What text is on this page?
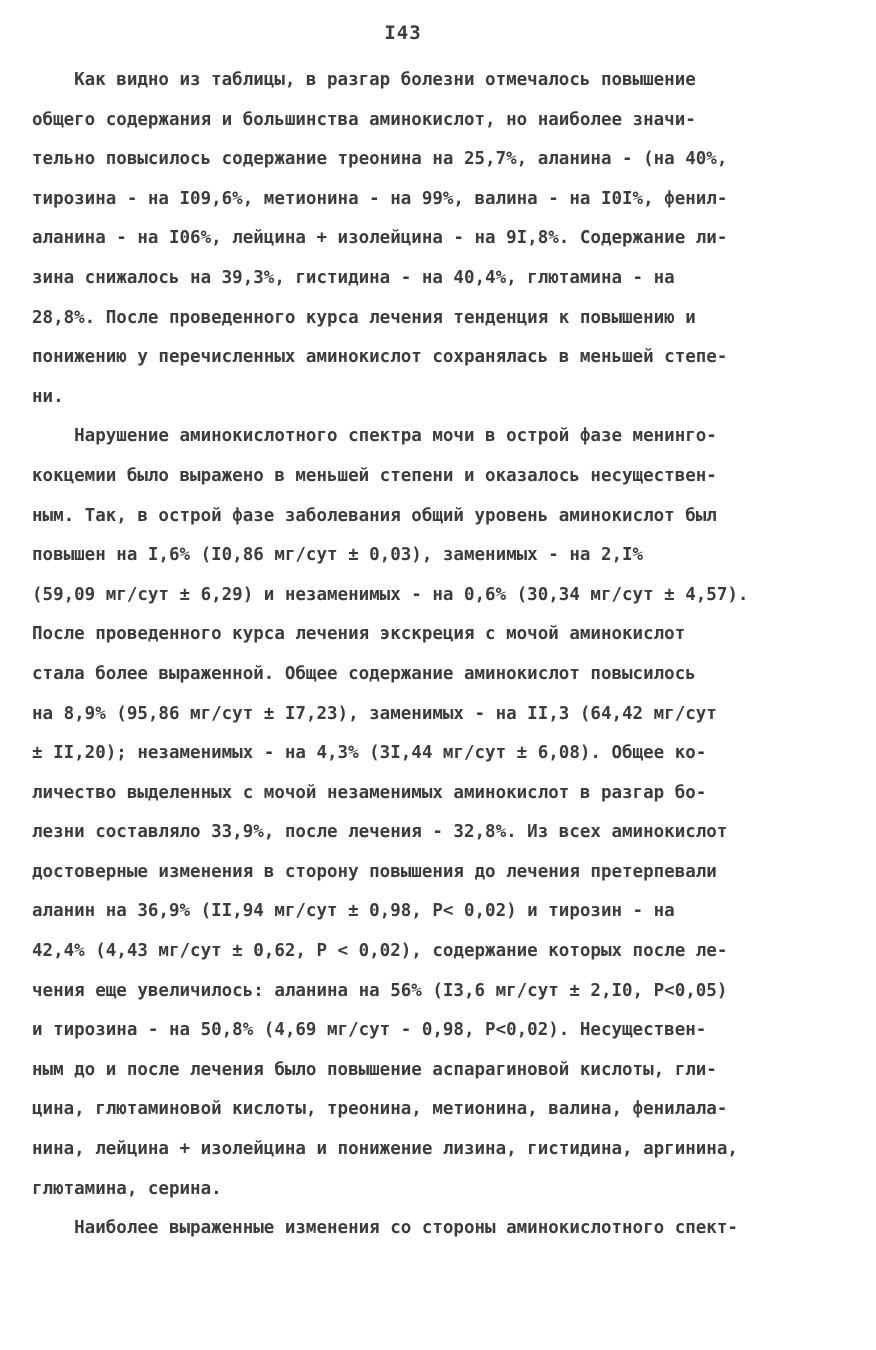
I43
Как видно из таблицы, в разгар болезни отмечалось повышение
общего содержания и большинства аминокислот, но наиболее значи-
тельно повысилось содержание треонина на 25,7%, аланина - (на 40%,
тирозина - на I09,6%, метионина - на 99%, валина - на I0I%, фенил-
аланина - на I06%, лейцина + изолейцина - на 9I,8%. Содержание ли-
зина снижалось на 39,3%, гистидина - на 40,4%, глютамина - на
28,8%. После проведенного курса лечения тенденция к повышению и
понижению у перечисленных аминокислот сохранялась в меньшей степе-
ни.
Нарушение аминокислотного спектра мочи в острой фазе менинго-
кокцемии было выражено в меньшей степени и оказалось несуществен-
ным. Так, в острой фазе заболевания общий уровень аминокислот был
повышен на I,6% (I0,86 мг/сут ± 0,03), заменимых - на 2,I%
(59,09 мг/сут ± 6,29) и незаменимых - на 0,6% (30,34 мг/сут ± 4,57).
После проведенного курса лечения экскреция с мочой аминокислот
стала более выраженной. Общее содержание аминокислот повысилось
на 8,9% (95,86 мг/сут ± I7,23), заменимых - на II,3 (64,42 мг/сут
± II,20); незаменимых - на 4,3% (3I,44 мг/сут ± 6,08). Общее ко-
личество выделенных с мочой незаменимых аминокислот в разгар бо-
лезни составляло 33,9%, после лечения - 32,8%. Из всех аминокислот
достоверные изменения в сторону повышения до лечения претерпевали
аланин на 36,9% (II,94 мг/сут ± 0,98, P< 0,02) и тирозин - на
42,4% (4,43 мг/сут ± 0,62, P < 0,02), содержание которых после ле-
чения еще увеличилось: аланина на 56% (I3,6 мг/сут ± 2,I0, P<0,05)
и тирозина - на 50,8% (4,69 мг/сут - 0,98, P<0,02). Несуществен-
ным до и после лечения было повышение аспарагиновой кислоты, гли-
цина, глютаминовой кислоты, треонина, метионина, валина, фенилала-
нина, лейцина + изолейцина и понижение лизина, гистидина, аргинина,
глютамина, серина.
Наиболее выраженные изменения со стороны аминокислотного спект-
